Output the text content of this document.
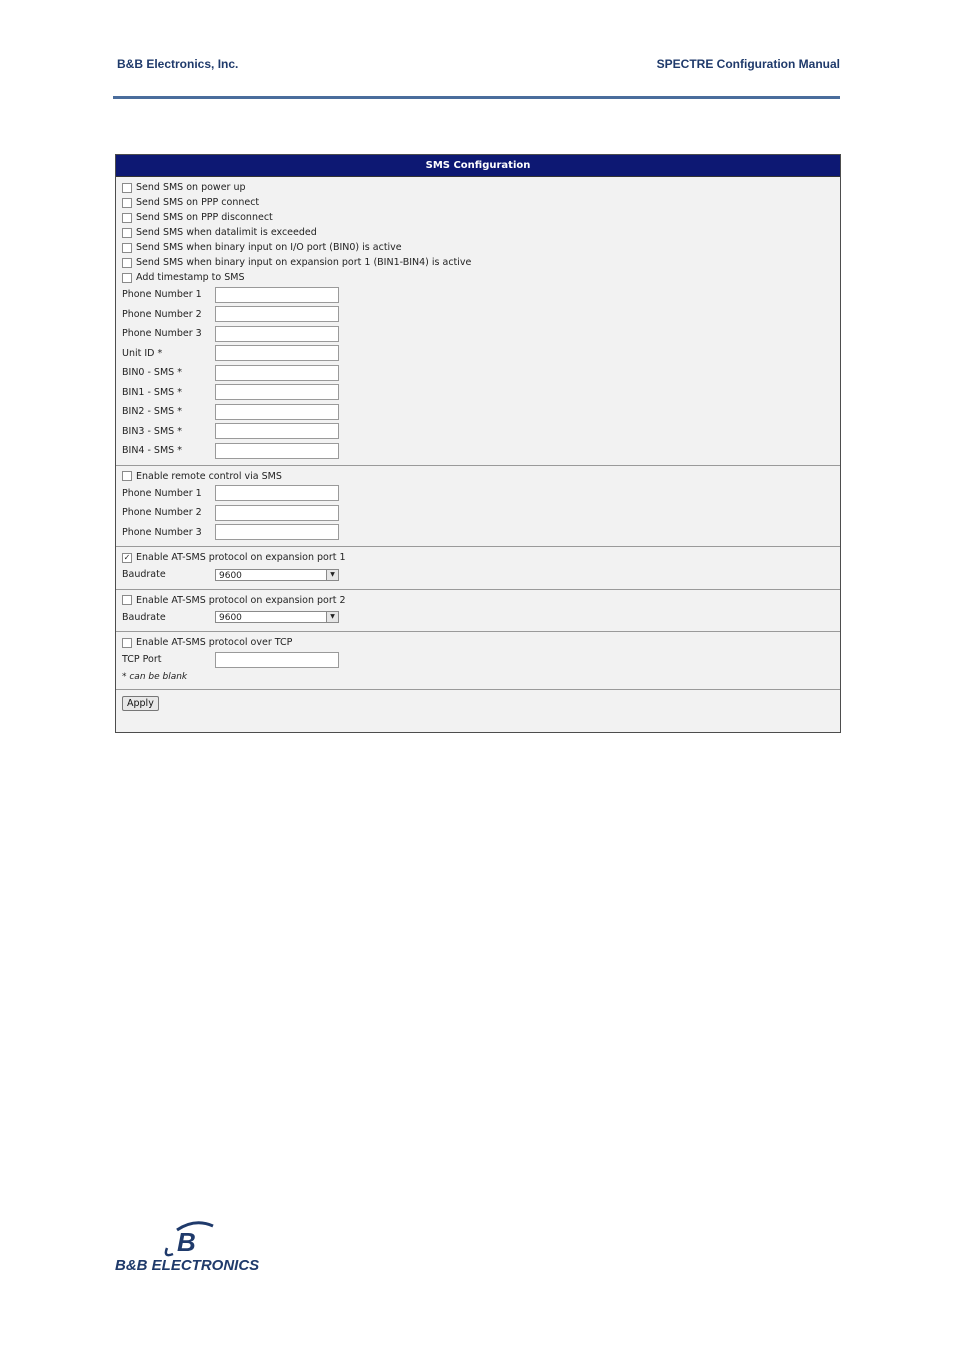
B&B Electronics, Inc.	SPECTRE Configuration Manual
SMS Configuration
Send SMS on power up
Send SMS on PPP connect
Send SMS on PPP disconnect
Send SMS when datalimit is exceeded
Send SMS when binary input on I/O port (BIN0) is active
Send SMS when binary input on expansion port 1 (BIN1-BIN4) is active
Add timestamp to SMS
Phone Number 1
Phone Number 2
Phone Number 3
Unit ID *
BIN0 - SMS *
BIN1 - SMS *
BIN2 - SMS *
BIN3 - SMS *
BIN4 - SMS *
Enable remote control via SMS
Phone Number 1
Phone Number 2
Phone Number 3
✓ Enable AT-SMS protocol on expansion port 1
Baudrate	9600	▼
Enable AT-SMS protocol on expansion port 2
Baudrate	9600	▼
Enable AT-SMS protocol over TCP
TCP Port
* can be blank
Apply
B
B&B ELECTRONICS
